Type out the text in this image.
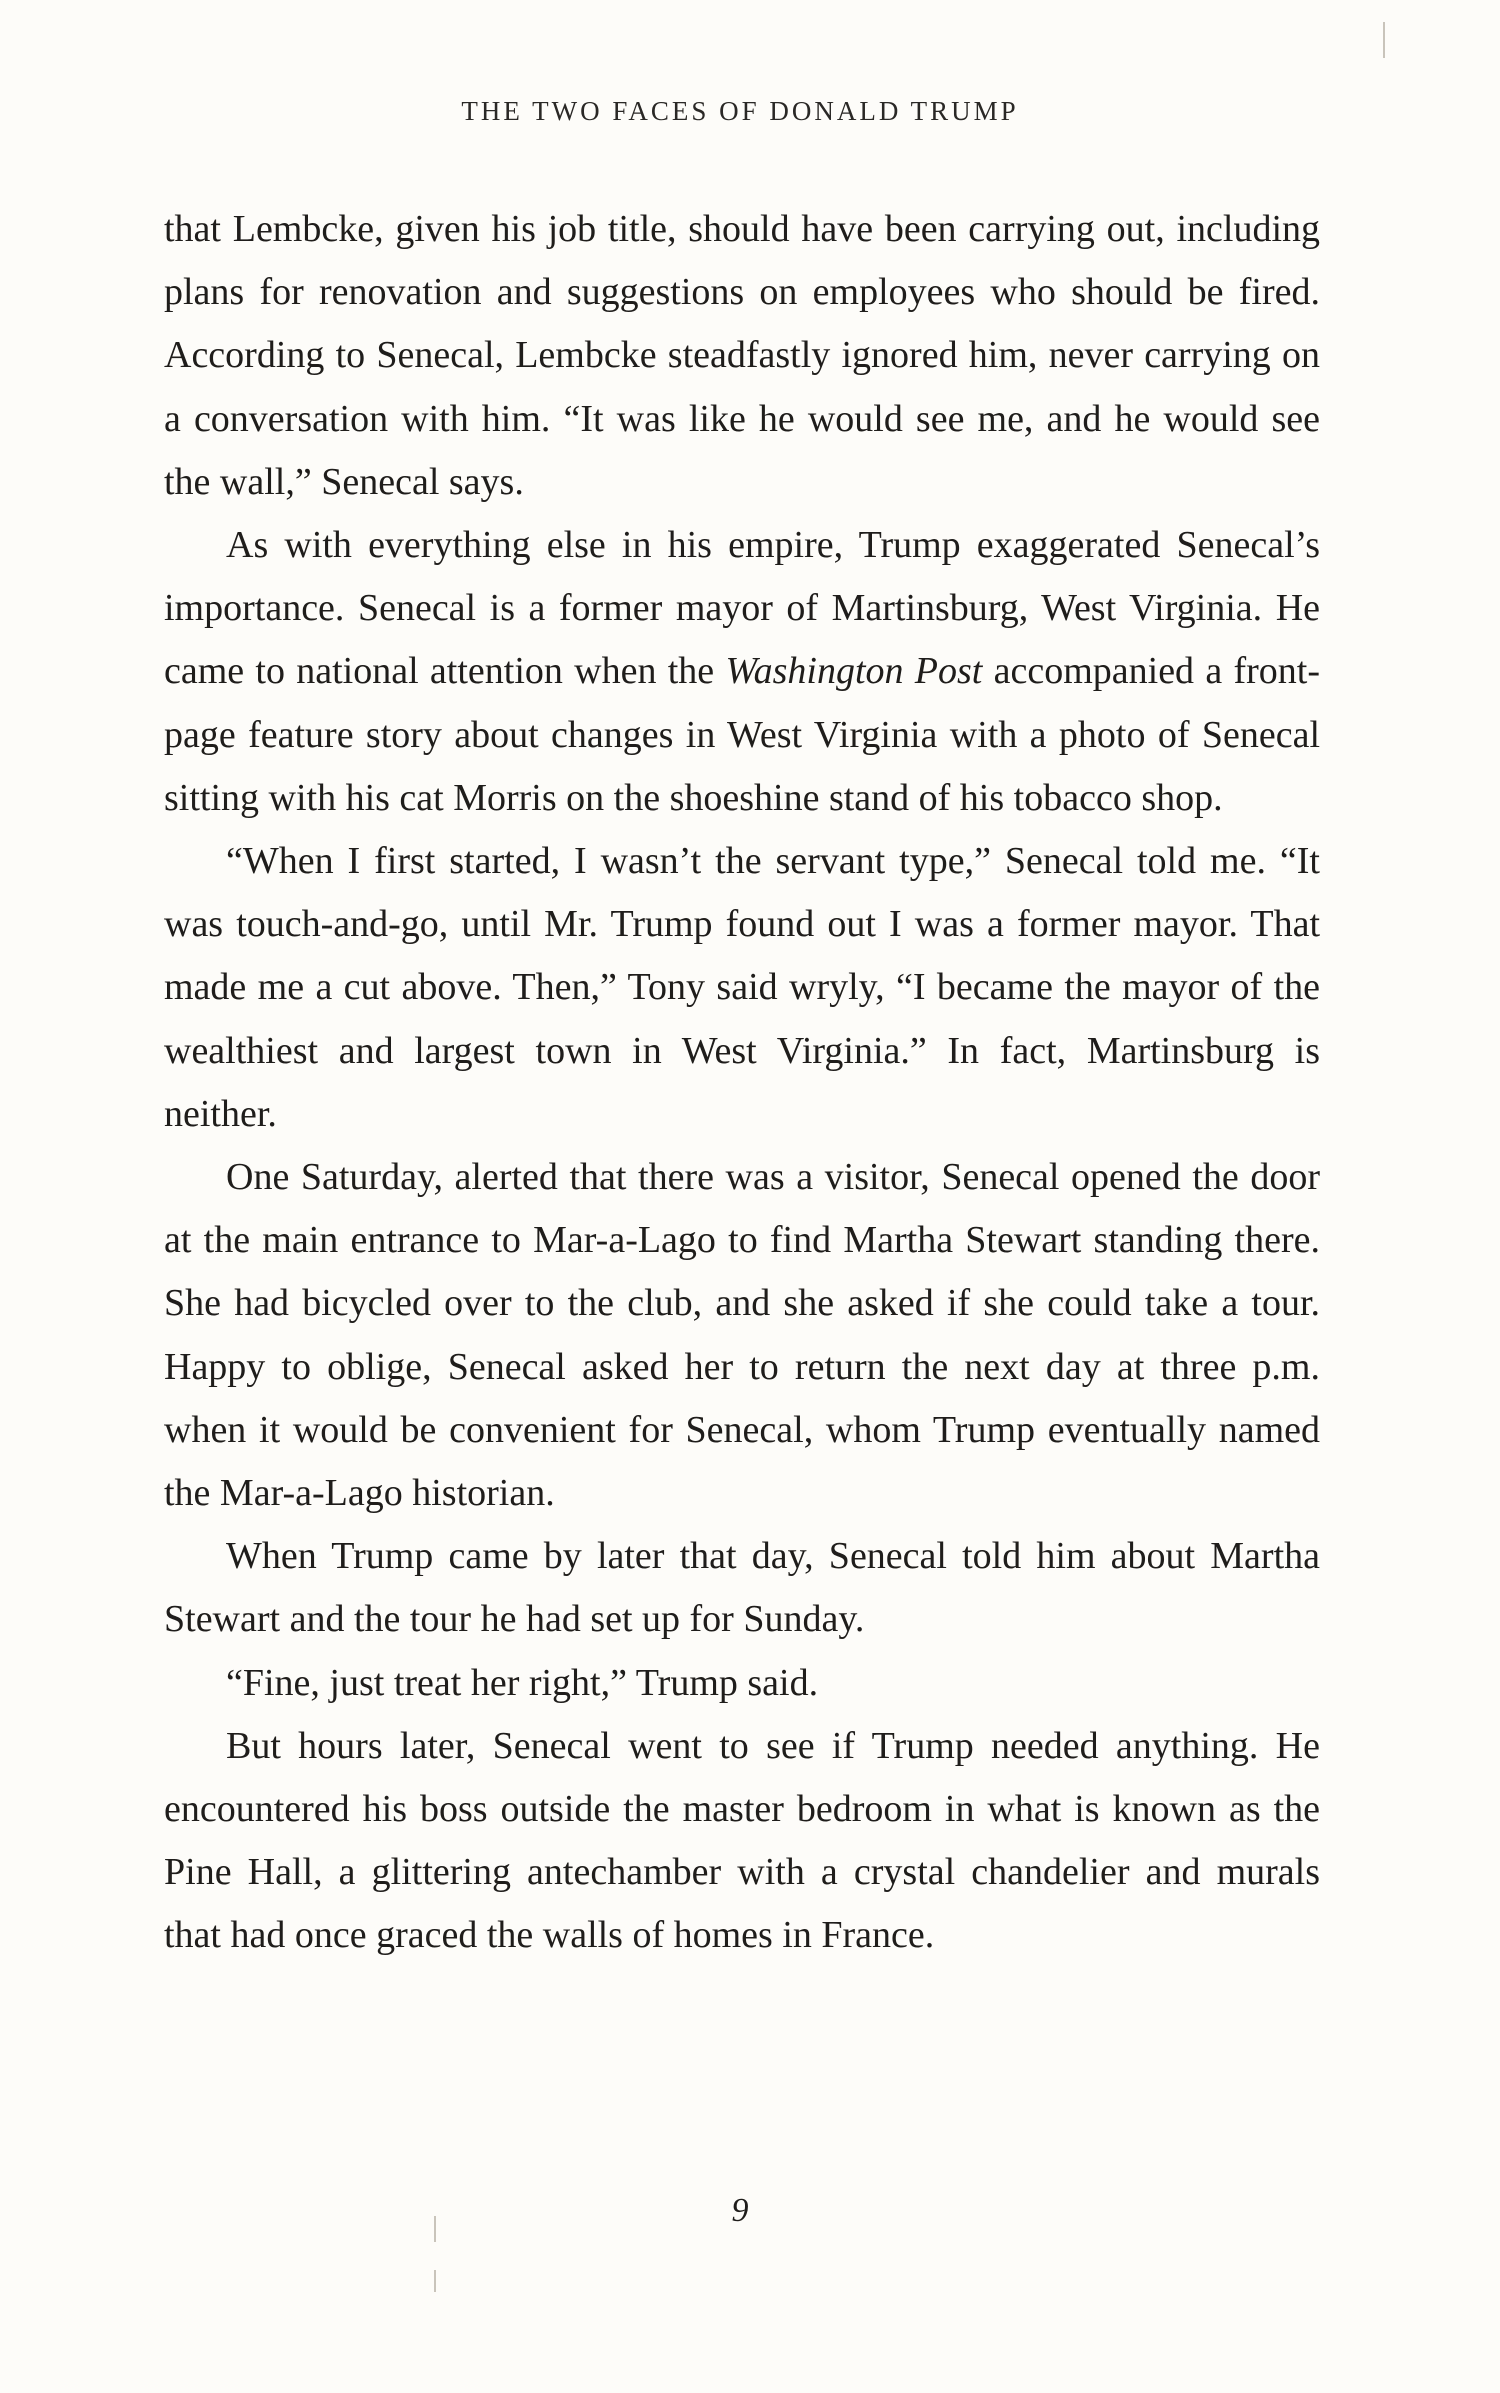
THE TWO FACES OF DONALD TRUMP

that Lembcke, given his job title, should have been carrying out, including plans for renovation and suggestions on employees who should be fired. According to Senecal, Lembcke steadfastly ignored him, never carrying on a conversation with him. “It was like he would see me, and he would see the wall,” Senecal says.

As with everything else in his empire, Trump exaggerated Senecal’s importance. Senecal is a former mayor of Martinsburg, West Virginia. He came to national attention when the Washington Post accompanied a front-page feature story about changes in West Virginia with a photo of Senecal sitting with his cat Morris on the shoeshine stand of his tobacco shop.

“When I first started, I wasn’t the servant type,” Senecal told me. “It was touch-and-go, until Mr. Trump found out I was a former mayor. That made me a cut above. Then,” Tony said wryly, “I became the mayor of the wealthiest and largest town in West Virginia.” In fact, Martinsburg is neither.

One Saturday, alerted that there was a visitor, Senecal opened the door at the main entrance to Mar-a-Lago to find Martha Stewart standing there. She had bicycled over to the club, and she asked if she could take a tour. Happy to oblige, Senecal asked her to return the next day at three p.m. when it would be convenient for Senecal, whom Trump eventually named the Mar-a-Lago historian.

When Trump came by later that day, Senecal told him about Martha Stewart and the tour he had set up for Sunday.

“Fine, just treat her right,” Trump said.

But hours later, Senecal went to see if Trump needed anything. He encountered his boss outside the master bedroom in what is known as the Pine Hall, a glittering antechamber with a crystal chandelier and murals that had once graced the walls of homes in France.

9
